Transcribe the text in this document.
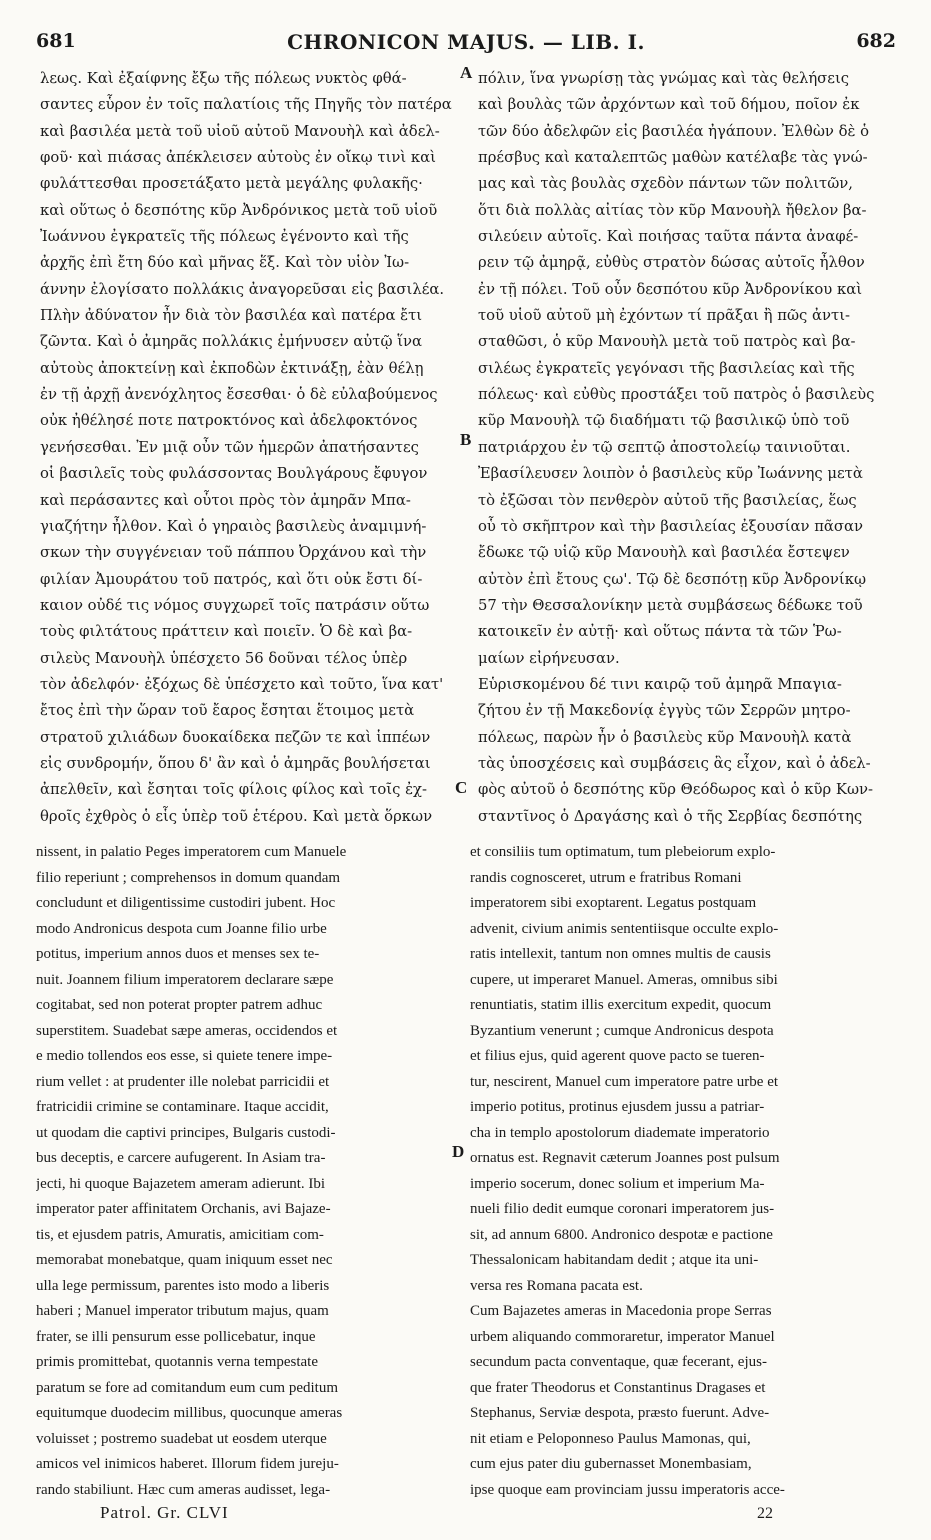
681	CHRONICON MAJUS. — LIB. I.	682
λεως. Καὶ ἐξαίφνης ἔξω τῆς πόλεως νυκτὸς φθά-
σαντες εὗρον ἐν τοῖς παλατίοις τῆς Πηγῆς τὸν πατέρα
καὶ βασιλέα μετὰ τοῦ υἱοῦ αὐτοῦ Μανουὴλ καὶ ἀδελ-
φοῦ· καὶ πιάσας ἀπέκλεισεν αὐτοὺς ἐν οἴκῳ τινὶ καὶ
φυλάττεσθαι προσετάξατο μετὰ μεγάλης φυλακῆς·
καὶ οὕτως ὁ δεσπότης κῦρ Ἀνδρόνικος μετὰ τοῦ υἱοῦ
Ἰωάννου ἐγκρατεῖς τῆς πόλεως ἐγένοντο καὶ τῆς
ἀρχῆς ἐπὶ ἔτη δύο καὶ μῆνας ἕξ. Καὶ τὸν υἱὸν Ἰω-
άννην ἐλογίσατο πολλάκις ἀναγορεῦσαι εἰς βασιλέα.
Πλὴν ἀδύνατον ἦν διὰ τὸν βασιλέα καὶ πατέρα ἔτι
ζῶντα. Καὶ ὁ ἀμηρᾶς πολλάκις ἐμήνυσεν αὐτῷ ἵνα
αὐτοὺς ἀποκτείνῃ καὶ ἐκποδὼν ἐκτινάξῃ, ἐὰν θέλῃ
ἐν τῇ ἀρχῇ ἀνενόχλητος ἔσεσθαι· ὁ δὲ εὐλαβούμενος
οὐκ ἠθέλησέ ποτε πατροκτόνος καὶ ἀδελφοκτόνος
γενήσεσθαι. Ἐν μιᾷ οὖν τῶν ἡμερῶν ἀπατήσαντες
οἱ βασιλεῖς τοὺς φυλάσσοντας Βουλγάρους ἔφυγον
καὶ περάσαντες καὶ οὗτοι πρὸς τὸν ἀμηρᾶν Μπα-
γιαζήτην ἦλθον. Καὶ ὁ γηραιὸς βασιλεὺς ἀναμιμνή-
σκων τὴν συγγένειαν τοῦ πάππου Ὀρχάνου καὶ τὴν
φιλίαν Ἀμουράτου τοῦ πατρός, καὶ ὅτι οὐκ ἔστι δί-
καιον οὐδέ τις νόμος συγχωρεῖ τοῖς πατράσιν οὕτω
τοὺς φιλτάτους πράττειν καὶ ποιεῖν. Ὁ δὲ καὶ βα-
σιλεὺς Μανουὴλ ὑπέσχετο 56 δοῦναι τέλος ὑπὲρ
τὸν ἀδελφόν· ἐξόχως δὲ ὑπέσχετο καὶ τοῦτο, ἵνα κατ'
ἔτος ἐπὶ τὴν ὥραν τοῦ ἔαρος ἔσηται ἕτοιμος μετὰ
στρατοῦ χιλιάδων δυοκαίδεκα πεζῶν τε καὶ ἱππέων
εἰς συνδρομήν, ὅπου δ' ἂν καὶ ὁ ἀμηρᾶς βουλήσεται
ἀπελθεῖν, καὶ ἔσηται τοῖς φίλοις φίλος καὶ τοῖς ἐχ-
θροῖς ἐχθρὸς ὁ εἷς ὑπὲρ τοῦ ἑτέρου. Καὶ μετὰ ὅρκων
πόλιν, ἵνα γνωρίσῃ τὰς γνώμας καὶ τὰς θελήσεις
καὶ βουλὰς τῶν ἀρχόντων καὶ τοῦ δήμου, ποῖον ἐκ
τῶν δύο ἀδελφῶν εἰς βασιλέα ἠγάπουν. Ἐλθὼν δὲ ὁ
πρέσβυς καὶ καταλεπτῶς μαθὼν κατέλαβε τὰς γνώ-
μας καὶ τὰς βουλὰς σχεδὸν πάντων τῶν πολιτῶν,
ὅτι διὰ πολλὰς αἰτίας τὸν κῦρ Μανουὴλ ἤθελον βα-
σιλεύειν αὐτοῖς. Καὶ ποιήσας ταῦτα πάντα ἀναφέ-
ρειν τῷ ἀμηρᾷ, εὐθὺς στρατὸν δώσας αὐτοῖς ἦλθον
ἐν τῇ πόλει. Τοῦ οὖν δεσπότου κῦρ Ἀνδρονίκου καὶ
τοῦ υἱοῦ αὐτοῦ μὴ ἐχόντων τί πρᾶξαι ἢ πῶς ἀντι-
σταθῶσι, ὁ κῦρ Μανουὴλ μετὰ τοῦ πατρὸς καὶ βα-
σιλέως ἐγκρατεῖς γεγόνασι τῆς βασιλείας καὶ τῆς
πόλεως· καὶ εὐθὺς προστάξει τοῦ πατρὸς ὁ βασιλεὺς
κῦρ Μανουὴλ τῷ διαδήματι τῷ βασιλικῷ ὑπὸ τοῦ
πατριάρχου ἐν τῷ σεπτῷ ἀποστολείῳ ταινιοῦται.
Ἐβασίλευσεν λοιπὸν ὁ βασιλεὺς κῦρ Ἰωάννης μετὰ
τὸ ἐξῶσαι τὸν πενθερὸν αὐτοῦ τῆς βασιλείας, ἕως
οὗ τὸ σκῆπτρον καὶ τὴν βασιλείας ἐξουσίαν πᾶσαν
ἔδωκε τῷ υἱῷ κῦρ Μανουὴλ καὶ βασιλέα ἔστεψεν
αὐτὸν ἐπὶ ἔτους ςω'. Τῷ δὲ δεσπότῃ κῦρ Ἀνδρονίκῳ
57 τὴν Θεσσαλονίκην μετὰ συμβάσεως δέδωκε τοῦ
κατοικεῖν ἐν αὐτῇ· καὶ οὕτως πάντα τὰ τῶν Ῥω-
μαίων εἰρήνευσαν.
Εὑρισκομένου δέ τινι καιρῷ τοῦ ἀμηρᾶ Μπαγια-
ζήτου ἐν τῇ Μακεδονίᾳ ἐγγὺς τῶν Σερρῶν μητρο-
πόλεως, παρὼν ἦν ὁ βασιλεὺς κῦρ Μανουὴλ κατὰ
τὰς ὑποσχέσεις καὶ συμβάσεις ἃς εἶχον, καὶ ὁ ἀδελ-
φὸς αὐτοῦ ὁ δεσπότης κῦρ Θεόδωρος καὶ ὁ κῦρ Κων-
σταντῖνος ὁ Δραγάσης καὶ ὁ τῆς Σερβίας δεσπότης
nissent, in palatio Peges imperatorem cum Manuele
filio reperiunt ; comprehensos in domum quandam
concludunt et diligentissime custodiri jubent. Hoc
modo Andronicus despota cum Joanne filio urbe
potitus, imperium annos duos et menses sex te-
nuit. Joannem filium imperatorem declarare sæpe
cogitabat, sed non poterat propter patrem adhuc
superstitem. Suadebat sæpe ameras, occidendos et
e medio tollendos eos esse, si quiete tenere impe-
rium vellet : at prudenter ille nolebat parricidii et
fratricidii crimine se contaminare. Itaque accidit,
ut quodam die captivi principes, Bulgaris custodi-
bus deceptis, e carcere aufugerent. In Asiam tra-
jecti, hi quoque Bajazetem ameram adierunt. Ibi
imperator pater affinitatem Orchanis, avi Bajaze-
tis, et ejusdem patris, Amuratis, amicitiam com-
memorabat monebatque, quam iniquum esset nec
ulla lege permissum, parentes isto modo a liberis
haberi ; Manuel imperator tributum majus, quam
frater, se illi pensurum esse pollicebatur, inque
primis promittebat, quotannis verna tempestate
paratum se fore ad comitandum eum cum peditum
equitumque duodecim millibus, quocunque ameras
voluisset ; postremo suadebat ut eosdem uterque
amicos vel inimicos haberet. Illorum fidem jureju-
rando stabiliunt. Hæc cum ameras audisset, lega-
et consiliis tum optimatum, tum plebeiorum explo-
randis cognosceret, utrum e fratribus Romani
imperatorem sibi exoptarent. Legatus postquam
advenit, civium animis sententiisque occulte explo-
ratis intellexit, tantum non omnes multis de causis
cupere, ut imperaret Manuel. Ameras, omnibus sibi
renuntiatis, statim illis exercitum expedit, quocum
Byzantium venerunt ; cumque Andronicus despota
et filius ejus, quid agerent quove pacto se tueren-
tur, nescirent, Manuel cum imperatore patre urbe et
imperio potitus, protinus ejusdem jussu a patriar-
cha in templo apostolorum diademate imperatorio
ornatus est. Regnavit cæterum Joannes post pulsum
imperio socerum, donec solium et imperium Ma-
nueli filio dedit eumque coronari imperatorem jus-
sit, ad annum 6800. Andronico despotæ e pactione
Thessalonicam habitandam dedit ; atque ita uni-
versa res Romana pacata est.
Cum Bajazetes ameras in Macedonia prope Serras
urbem aliquando commoraretur, imperator Manuel
secundum pacta conventaque, quæ fecerant, ejus-
que frater Theodorus et Constantinus Dragases et
Stephanus, Serviæ despota, præsto fuerunt. Adve-
nit etiam e Peloponneso Paulus Mamonas, qui,
cum ejus pater diu gubernasset Monembasiam,
ipse quoque eam provinciam jussu imperatoris acce-
A
B
C
D
Patrol. Gr. CLVI	22
